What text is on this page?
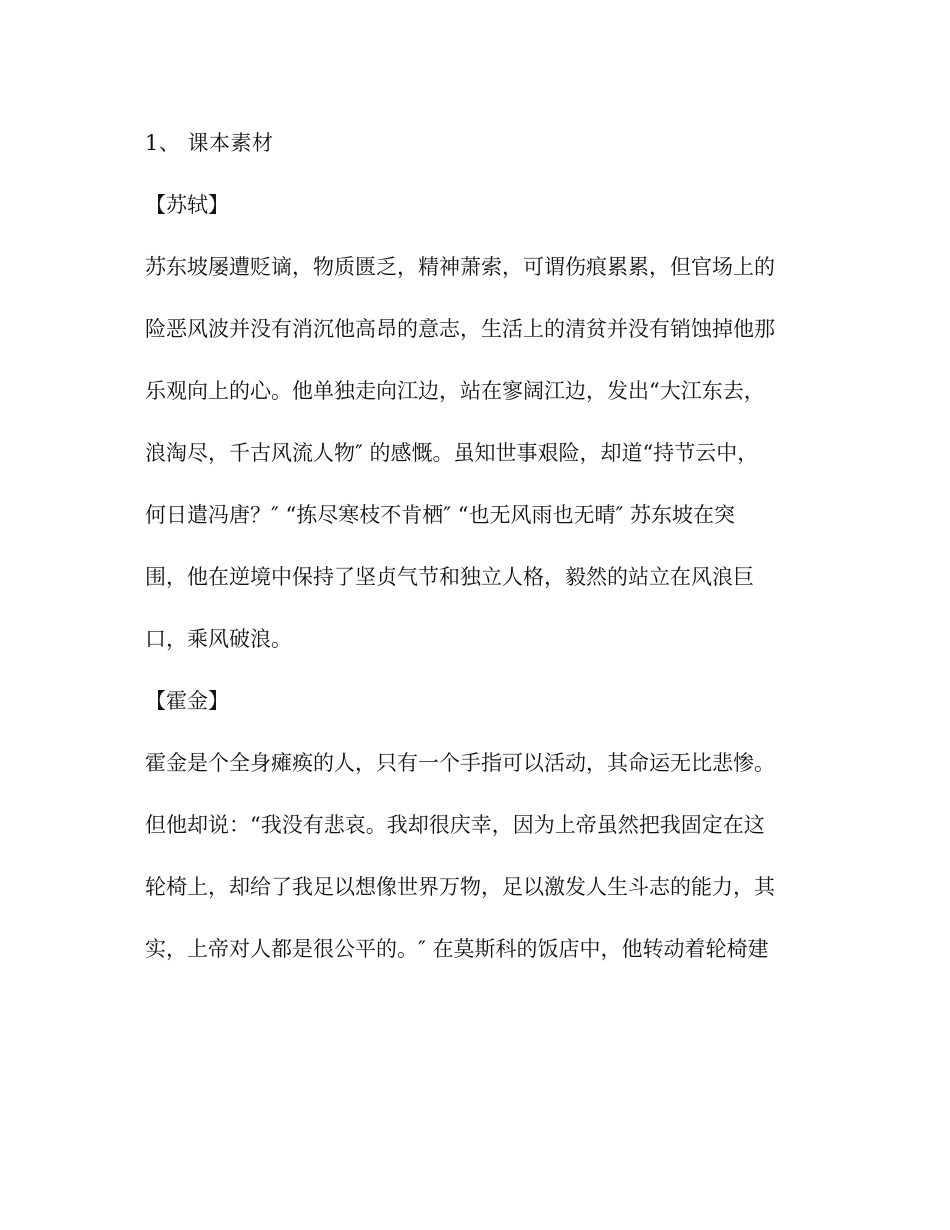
1、 课本素材
【苏轼】
苏东坡屡遭贬谪，物质匮乏，精神萧索，可谓伤痕累累，但官场上的
险恶风波并没有消沉他高昂的意志，生活上的清贫并没有销蚀掉他那
乐观向上的心。他单独走向江边，站在寥阔江边，发出“大江东去，
浪淘尽，千古风流人物″ 的感慨。虽知世事艰险，却道“持节云中，
何日遣冯唐？″ “拣尽寒枝不肯栖″ “也无风雨也无晴″ 苏东坡在突
围，他在逆境中保持了坚贞气节和独立人格，毅然的站立在风浪巨
口，乘风破浪。
【霍金】
霍金是个全身瘫痪的人，只有一个手指可以活动，其命运无比悲惨。
但他却说：“我没有悲哀。我却很庆幸，因为上帝虽然把我固定在这
轮椅上，却给了我足以想像世界万物，足以激发人生斗志的能力，其
实，上帝对人都是很公平的。″ 在莫斯科的饭店中，他转动着轮椅建
